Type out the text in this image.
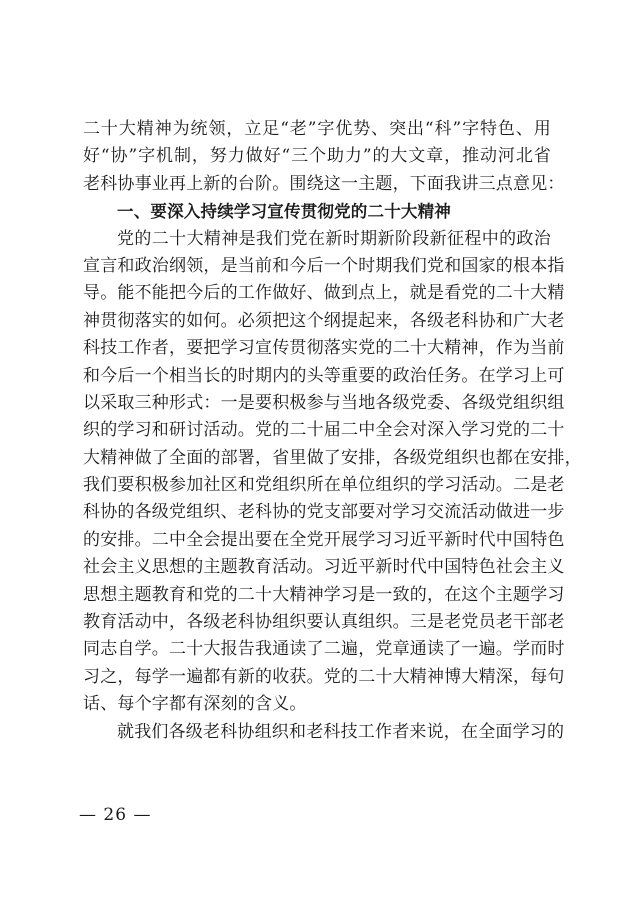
二十大精神为统领，立足“老”字优势、突出“科”字特色、用
好“协”字机制，努力做好“三个助力”的大文章，推动河北省
老科协事业再上新的台阶。围绕这一主题，下面我讲三点意见：
一、要深入持续学习宣传贯彻党的二十大精神
党的二十大精神是我们党在新时期新阶段新征程中的政治
宣言和政治纲领，是当前和今后一个时期我们党和国家的根本指
导。能不能把今后的工作做好、做到点上，就是看党的二十大精
神贯彻落实的如何。必须把这个纲提起来，各级老科协和广大老
科技工作者，要把学习宣传贯彻落实党的二十大精神，作为当前
和今后一个相当长的时期内的头等重要的政治任务。在学习上可
以采取三种形式：一是要积极参与当地各级党委、各级党组织组
织的学习和研讨活动。党的二十届二中全会对深入学习党的二十
大精神做了全面的部署，省里做了安排，各级党组织也都在安排，
我们要积极参加社区和党组织所在单位组织的学习活动。二是老
科协的各级党组织、老科协的党支部要对学习交流活动做进一步
的安排。二中全会提出要在全党开展学习习近平新时代中国特色
社会主义思想的主题教育活动。习近平新时代中国特色社会主义
思想主题教育和党的二十大精神学习是一致的，在这个主题学习
教育活动中，各级老科协组织要认真组织。三是老党员老干部老
同志自学。二十大报告我通读了二遍，党章通读了一遍。学而时
习之，每学一遍都有新的收获。党的二十大精神博大精深，每句
话、每个字都有深刻的含义。
就我们各级老科协组织和老科技工作者来说，在全面学习的
— 26 —
